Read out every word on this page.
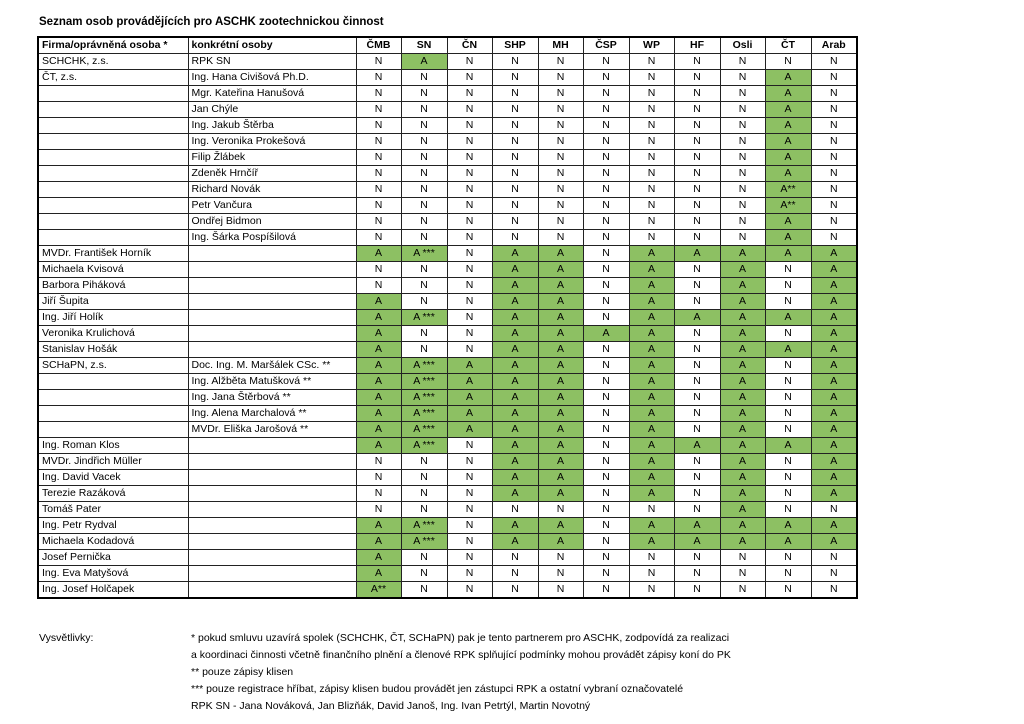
Seznam osob provádějících pro ASCHK zootechnickou činnost
Firma/oprávněná osoba *	konkrétní osoby	ČMB	SN	ČN	SHP	MH	ČSP	WP	HF	Osli	ČT	Arab
SCHCHK, z.s.	RPK SN	N	A	N	N	N	N	N	N	N	N	N
ČT, z.s.	Ing. Hana Civišová Ph.D.	N	N	N	N	N	N	N	N	N	A	N
	Mgr. Kateřina Hanušová	N	N	N	N	N	N	N	N	N	A	N
	Jan Chýle	N	N	N	N	N	N	N	N	N	A	N
	Ing. Jakub Štěrba	N	N	N	N	N	N	N	N	N	A	N
	Ing. Veronika Prokešová	N	N	N	N	N	N	N	N	N	A	N
	Filip Žlábek	N	N	N	N	N	N	N	N	N	A	N
	Zdeněk Hrnčíř	N	N	N	N	N	N	N	N	N	A	N
	Richard Novák	N	N	N	N	N	N	N	N	N	A**	N
	Petr Vančura	N	N	N	N	N	N	N	N	N	A**	N
	Ondřej Bidmon	N	N	N	N	N	N	N	N	N	A	N
	Ing. Šárka Pospíšilová	N	N	N	N	N	N	N	N	N	A	N
MVDr. František Horník		A	A ***	N	A	A	N	A	A	A	A	A
Michaela Kvisová		N	N	N	A	A	N	A	N	A	N	A
Barbora Piháková		N	N	N	A	A	N	A	N	A	N	A
Jiří Šupita		A	N	N	A	A	N	A	N	A	N	A
Ing. Jiří Holík		A	A ***	N	A	A	N	A	A	A	A	A
Veronika Krulichová		A	N	N	A	A	A	A	N	A	N	A
Stanislav Hošák		A	N	N	A	A	N	A	N	A	A	A
SCHaPN, z.s.	Doc. Ing. M. Maršálek CSc. **	A	A ***	A	A	A	N	A	N	A	N	A
	Ing. Alžběta Matušková **	A	A ***	A	A	A	N	A	N	A	N	A
	Ing. Jana Štěrbová **	A	A ***	A	A	A	N	A	N	A	N	A
	Ing. Alena Marchalová **	A	A ***	A	A	A	N	A	N	A	N	A
	MVDr. Eliška Jarošová **	A	A ***	A	A	A	N	A	N	A	N	A
Ing. Roman Klos		A	A ***	N	A	A	N	A	A	A	A	A
MVDr. Jindřich Müller		N	N	N	A	A	N	A	N	A	N	A
Ing. David Vacek		N	N	N	A	A	N	A	N	A	N	A
Terezie Razáková		N	N	N	A	A	N	A	N	A	N	A
Tomáš Pater		N	N	N	N	N	N	N	N	A	N	N
Ing. Petr Rydval		A	A ***	N	A	A	N	A	A	A	A	A
Michaela Kodadová		A	A ***	N	A	A	N	A	A	A	A	A
Josef Pernička		A	N	N	N	N	N	N	N	N	N	N
Ing. Eva Matyšová		A	N	N	N	N	N	N	N	N	N	N
Ing. Josef Holčapek		A**	N	N	N	N	N	N	N	N	N	N
Vysvětlivky:	* pokud smluvu uzavírá spolek (SCHCHK, ČT, SCHaPN) pak je tento partnerem pro ASCHK, zodpovídá za realizaci
a koordinaci činnosti včetně finančního plnění a členové RPK splňující podmínky mohou provádět zápisy koní do PK
** pouze zápisy klisen
*** pouze registrace hříbat, zápisy klisen budou provádět jen zástupci RPK a ostatní vybraní označovatelé
RPK SN - Jana Nováková, Jan Blizňák, David Janoš, Ing. Ivan Petrtýl, Martin Novotný
